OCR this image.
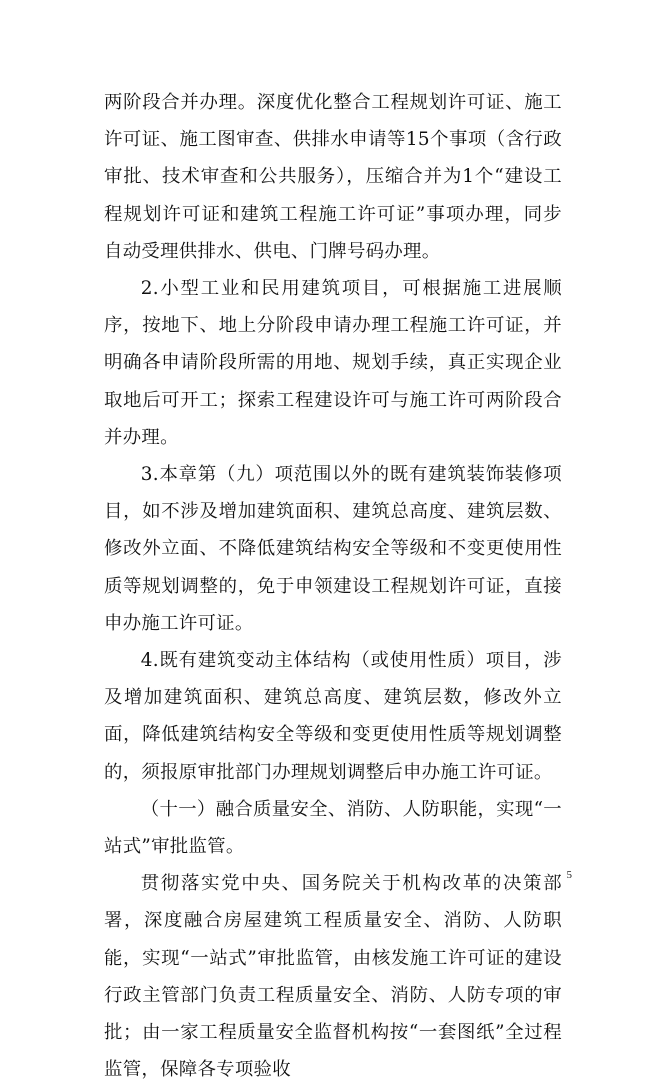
两阶段合并办理。深度优化整合工程规划许可证、施工许可证、施工图审查、供排水申请等15个事项（含行政审批、技术审查和公共服务），压缩合并为1个“建设工程规划许可证和建筑工程施工许可证”事项办理，同步自动受理供排水、供电、门牌号码办理。

2.小型工业和民用建筑项目，可根据施工进展顺序，按地下、地上分阶段申请办理工程施工许可证，并明确各申请阶段所需的用地、规划手续，真正实现企业取地后可开工；探索工程建设许可与施工许可两阶段合并办理。

3.本章第（九）项范围以外的既有建筑装饰装修项目，如不涉及增加建筑面积、建筑总高度、建筑层数、修改外立面、不降低建筑结构安全等级和不变更使用性质等规划调整的，免于申领建设工程规划许可证，直接申办施工许可证。

4.既有建筑变动主体结构（或使用性质）项目，涉及增加建筑面积、建筑总高度、建筑层数，修改外立面，降低建筑结构安全等级和变更使用性质等规划调整的，须报原审批部门办理规划调整后申办施工许可证。

（十一）融合质量安全、消防、人防职能，实现“一站式”审批监管。

贯彻落实党中央、国务院关于机构改革的决策部署，深度融合房屋建筑工程质量安全、消防、人防职能，实现“一站式”审批监管，由核发施工许可证的建设行政主管部门负责工程质量安全、消防、人防专项的审批；由一家工程质量安全监督机构按“一套图纸”全过程监管，保障各专项验收

5
